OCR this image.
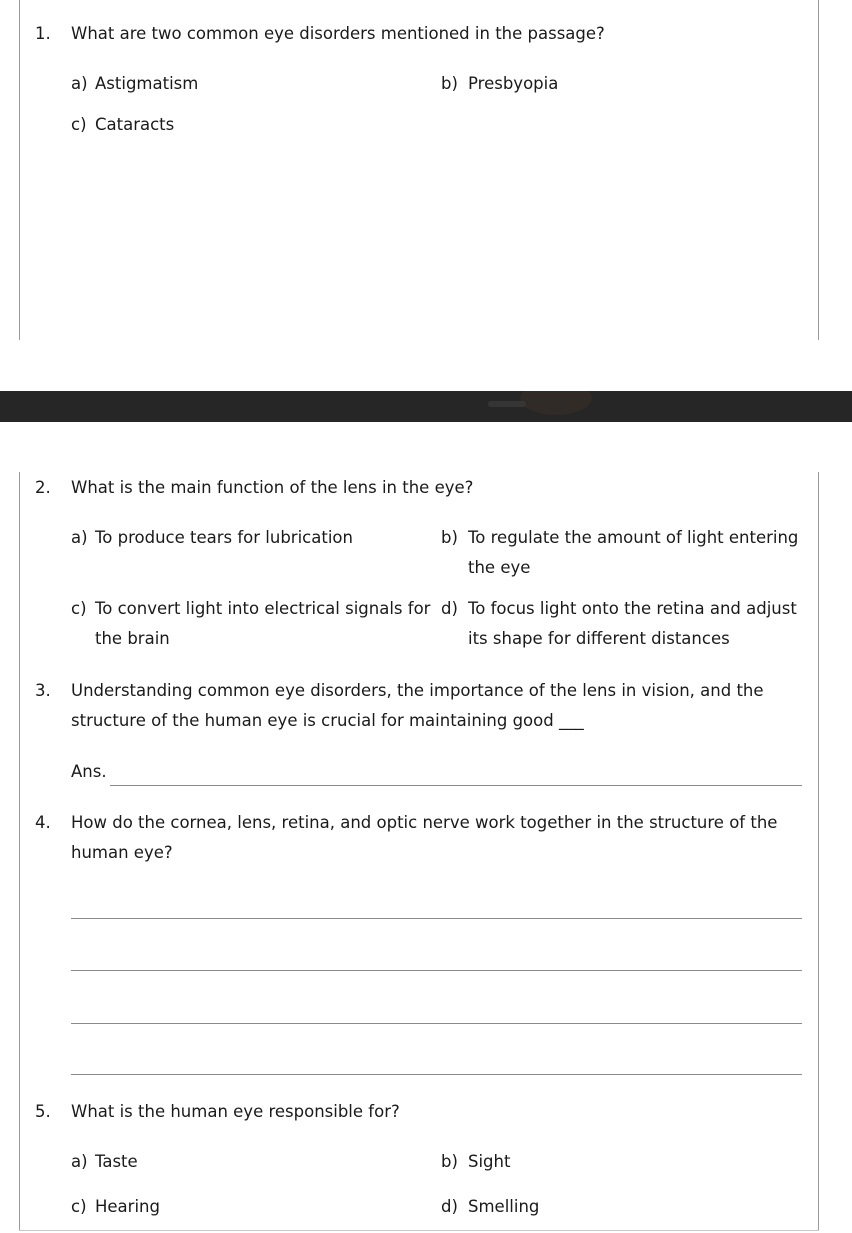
1.	What are two common eye disorders mentioned in the passage?
a) Astigmatism	b) Presbyopia
c) Cataracts
2.	What is the main function of the lens in the eye?
a) To produce tears for lubrication	b) To regulate the amount of light entering
the eye
c) To convert light into electrical signals for
the brain
d) To focus light onto the retina and adjust
its shape for different distances
3.	Understanding common eye disorders, the importance of the lens in vision, and the
structure of the human eye is crucial for maintaining good ___
Ans.
4.	How do the cornea, lens, retina, and optic nerve work together in the structure of the
human eye?
5.	What is the human eye responsible for?
a) Taste	b) Sight
c) Hearing	d) Smelling
